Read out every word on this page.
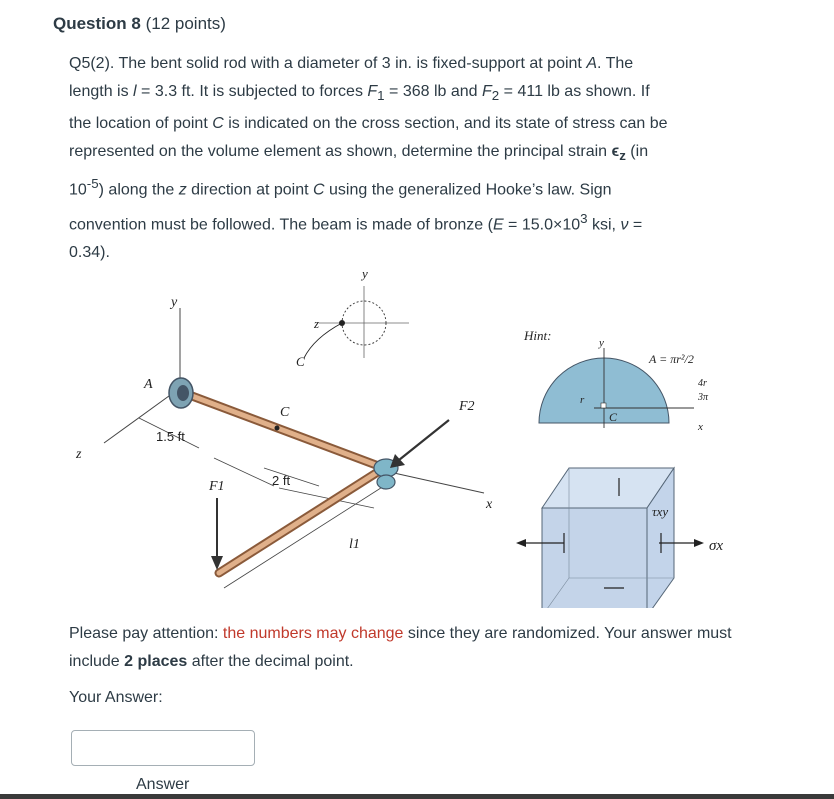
Question 8 (12 points)

Q5(2). The bent solid rod with a diameter of 3 in. is fixed-support at point A. The

length is l = 3.3 ft. It is subjected to forces $F_1 = 368$ lb and $F_2 = 411$ lb as shown. If

the location of point C is indicated on the cross section, and its state of stress can be

represented on the volume element as shown, determine the principal strain $\epsilon_z$ (in

$10^{-5}$) along the z direction at point C using the generalized Hooke’s law. Sign

convention must be followed. The beam is made of bronze ($E = 15.0\times 10^3$ ksi, ν =

0.34).

y
z
A
1.5 ft
C
F1	2 ft
l1
F2
x
y
z
C
Hint:	y
A = πr²/2
r
C
4r
3π
x
τxy
σx
Please pay attention: the numbers may change since they are randomized. Your answer must include 2 places after the decimal point.
Your Answer:
Answer
